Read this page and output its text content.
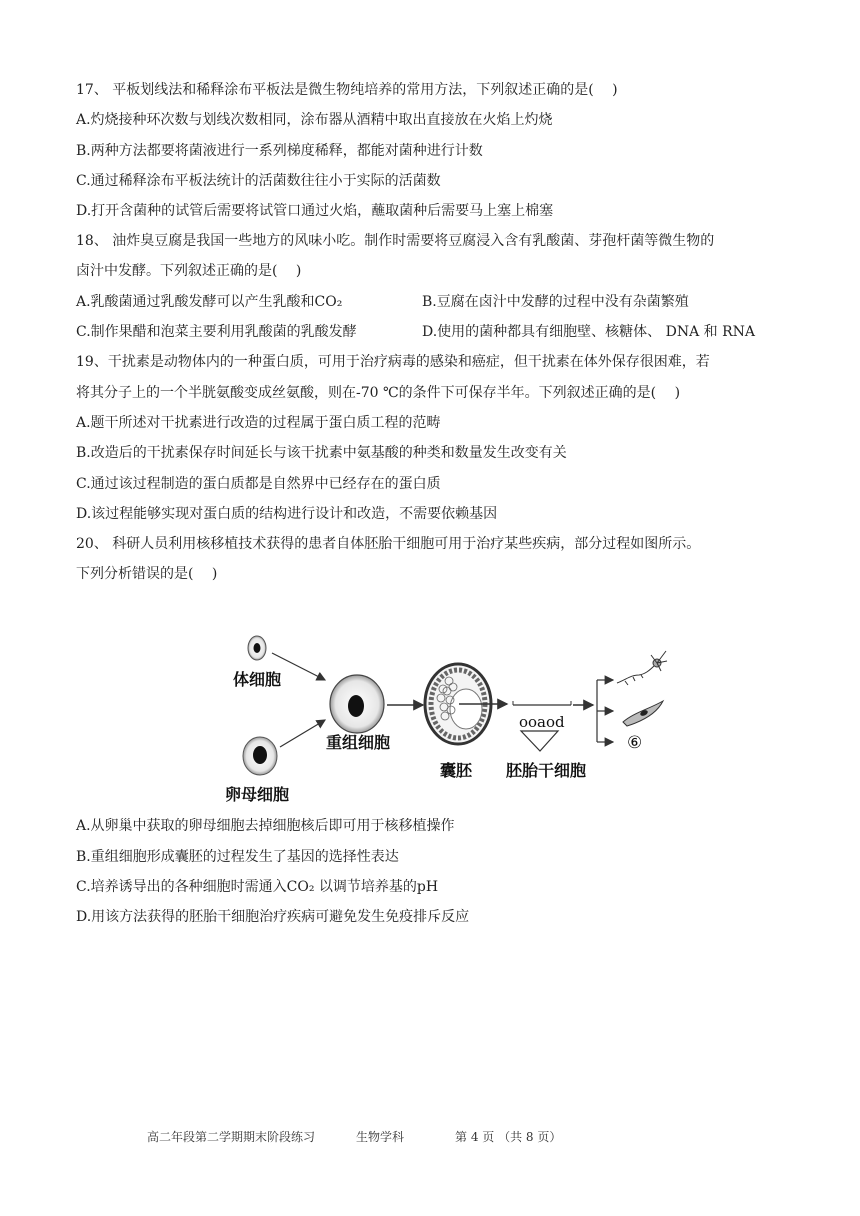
17、 平板划线法和稀释涂布平板法是微生物纯培养的常用方法，下列叙述正确的是(　 )
A.灼烧接种环次数与划线次数相同，涂布器从酒精中取出直接放在火焰上灼烧
B.两种方法都要将菌液进行一系列梯度稀释，都能对菌种进行计数
C.通过稀释涂布平板法统计的活菌数往往小于实际的活菌数
D.打开含菌种的试管后需要将试管口通过火焰，蘸取菌种后需要马上塞上棉塞
18、 油炸臭豆腐是我国一些地方的风味小吃。制作时需要将豆腐浸入含有乳酸菌、芽孢杆菌等微生物的
卤汁中发酵。下列叙述正确的是(　 )
A.乳酸菌通过乳酸发酵可以产生乳酸和CO₂	B.豆腐在卤汁中发酵的过程中没有杂菌繁殖
C.制作果醋和泡菜主要利用乳酸菌的乳酸发酵	D.使用的菌种都具有细胞壁、核糖体、 DNA 和 RNA
19、干扰素是动物体内的一种蛋白质，可用于治疗病毒的感染和癌症，但干扰素在体外保存很困难，若
将其分子上的一个半胱氨酸变成丝氨酸，则在-70 ℃的条件下可保存半年。下列叙述正确的是(　 )
A.题干所述对干扰素进行改造的过程属于蛋白质工程的范畴
B.改造后的干扰素保存时间延长与该干扰素中氨基酸的种类和数量发生改变有关
C.通过该过程制造的蛋白质都是自然界中已经存在的蛋白质
D.该过程能够实现对蛋白质的结构进行设计和改造，不需要依赖基因
20、 科研人员利用核移植技术获得的患者自体胚胎干细胞可用于治疗某些疾病，部分过程如图所示。
下列分析错误的是(　 )
体细胞
卵母细胞
重组细胞
囊胚
ooaod
胚胎干细胞
⑥
A.从卵巢中获取的卵母细胞去掉细胞核后即可用于核移植操作
B.重组细胞形成囊胚的过程发生了基因的选择性表达
C.培养诱导出的各种细胞时需通入CO₂ 以调节培养基的pH
D.用该方法获得的胚胎干细胞治疗疾病可避免发生免疫排斥反应
高二年段第二学期期末阶段练习	生物学科	第 4 页 （共 8 页）
